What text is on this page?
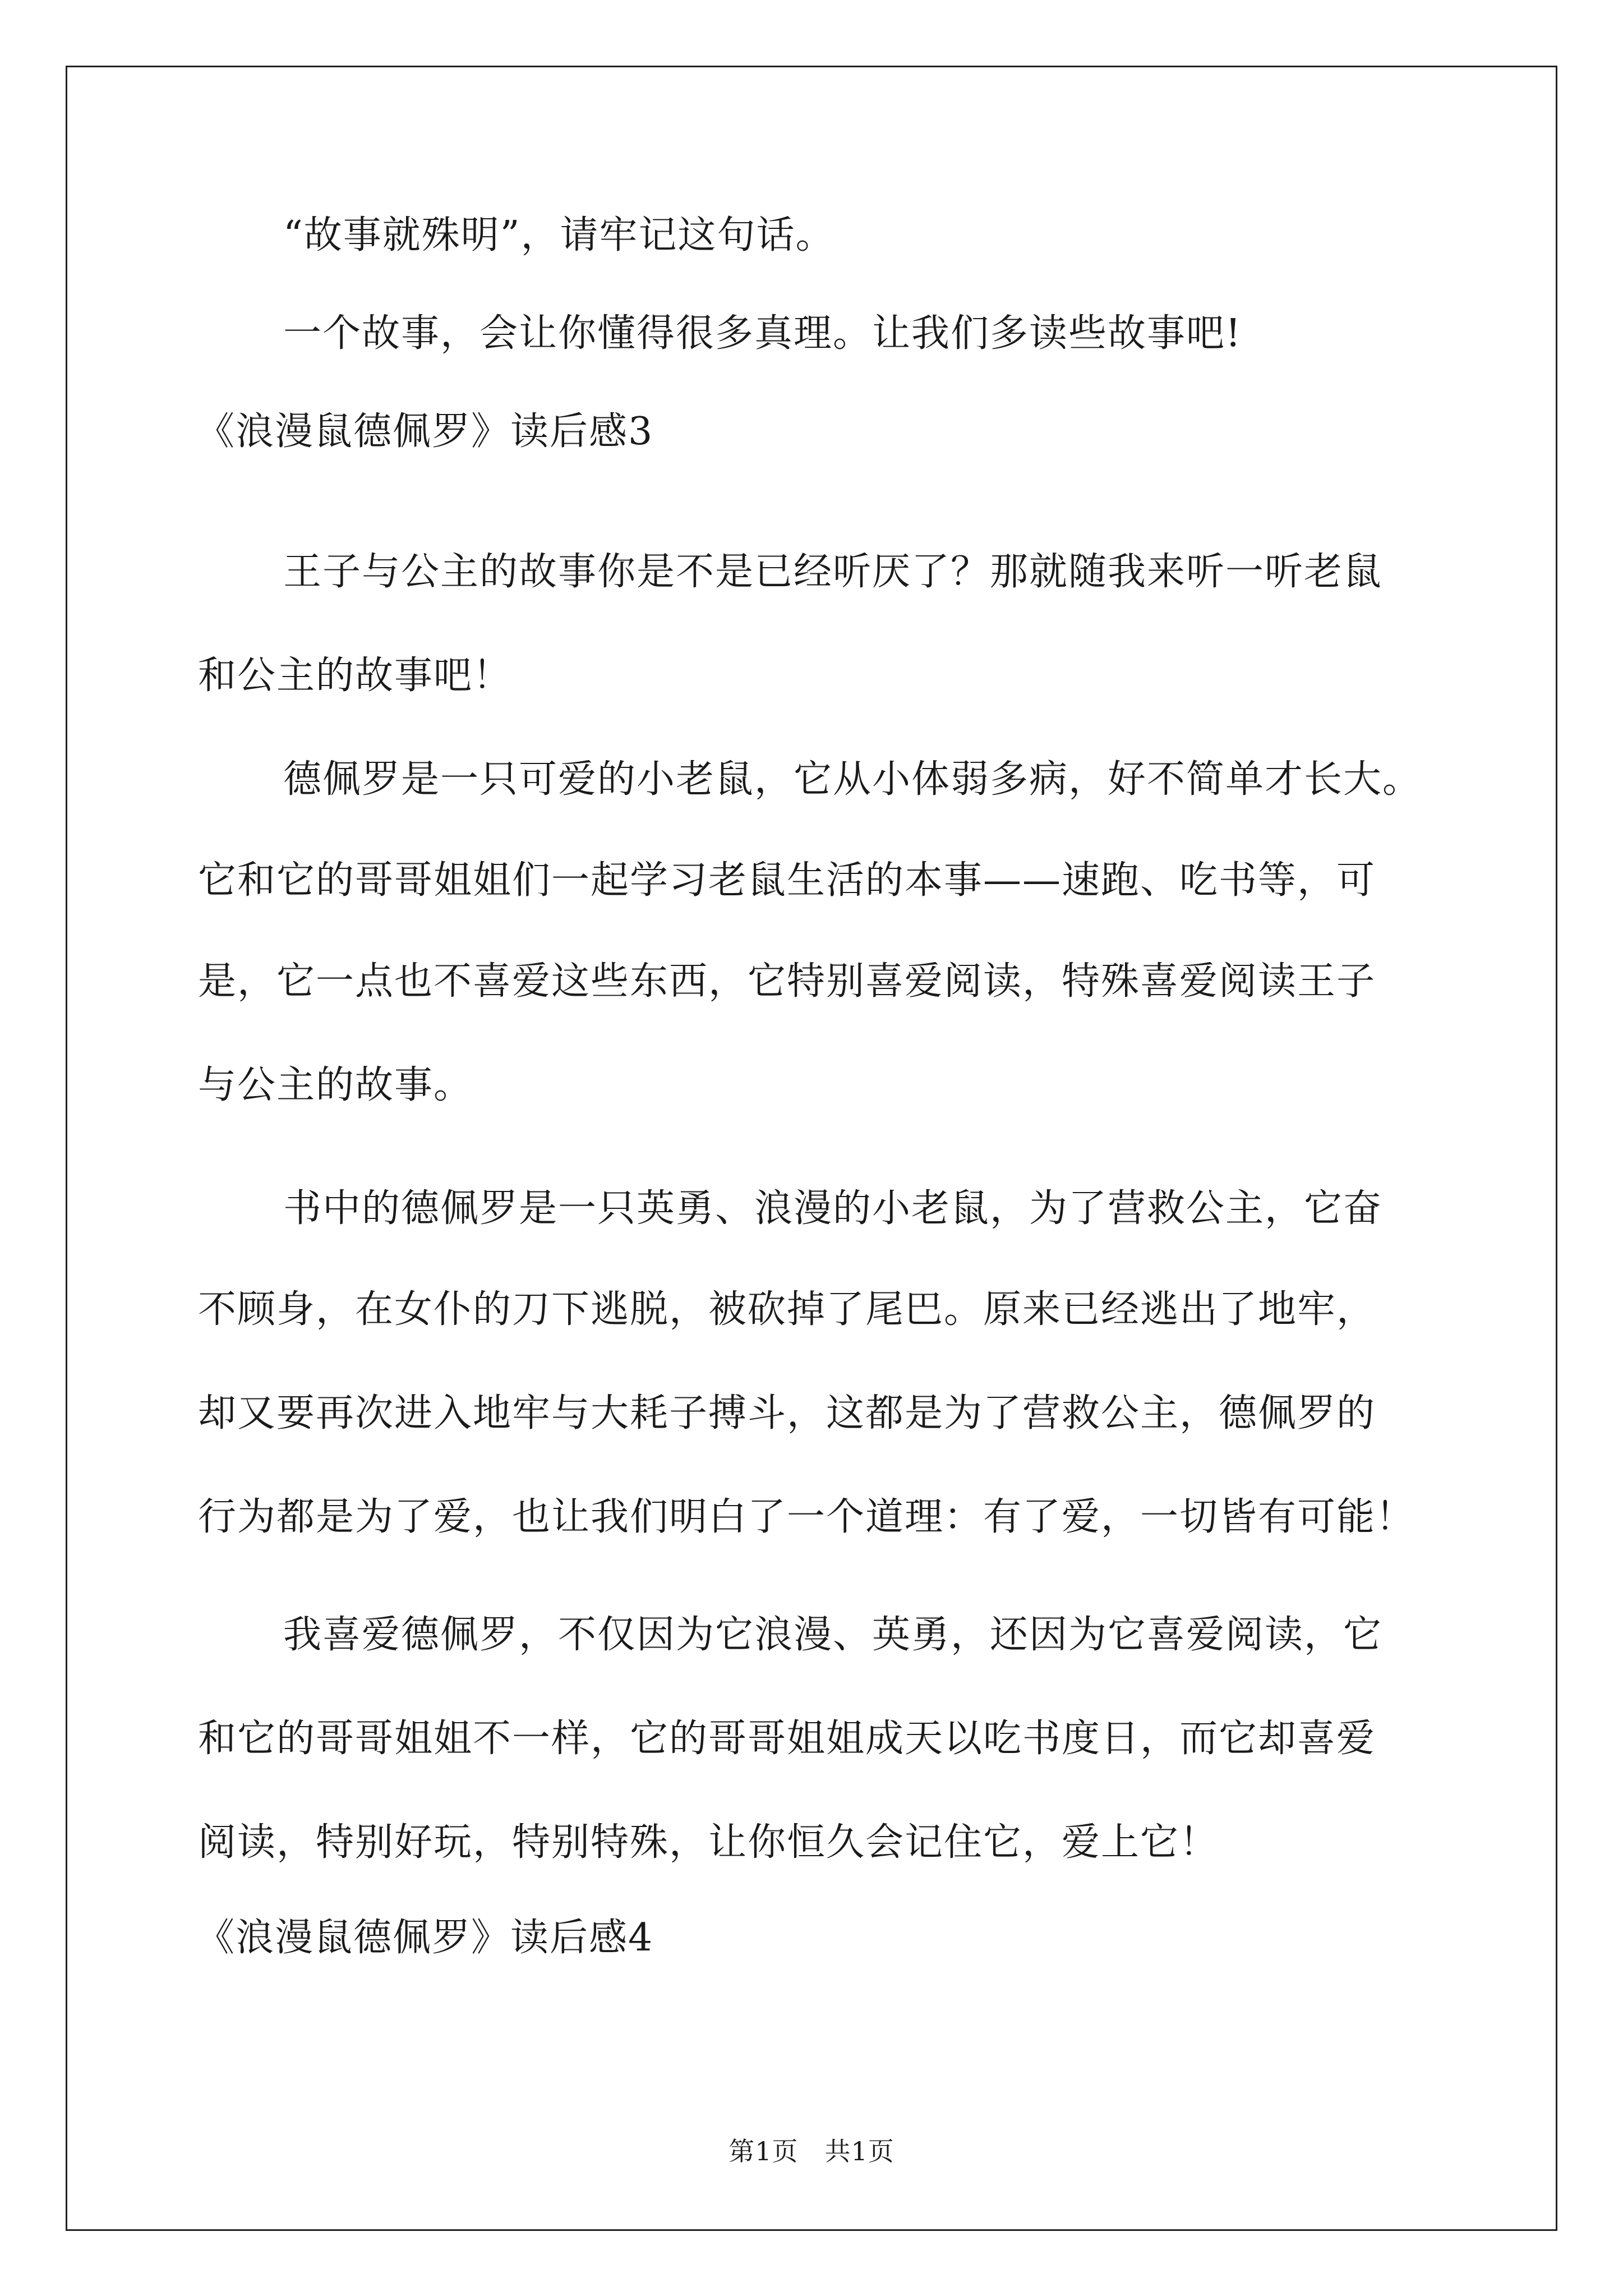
“故事就殊明”，请牢记这句话。
一个故事，会让你懂得很多真理。让我们多读些故事吧!
《浪漫鼠德佩罗》读后感3
王子与公主的故事你是不是已经听厌了？那就随我来听一听老鼠
和公主的故事吧！
德佩罗是一只可爱的小老鼠，它从小体弱多病，好不简单才长大。
它和它的哥哥姐姐们一起学习老鼠生活的本事——速跑、吃书等，可
是，它一点也不喜爱这些东西，它特别喜爱阅读，特殊喜爱阅读王子
与公主的故事。
书中的德佩罗是一只英勇、浪漫的小老鼠，为了营救公主，它奋
不顾身，在女仆的刀下逃脱，被砍掉了尾巴。原来已经逃出了地牢，
却又要再次进入地牢与大耗子搏斗，这都是为了营救公主，德佩罗的
行为都是为了爱，也让我们明白了一个道理：有了爱，一切皆有可能！
我喜爱德佩罗，不仅因为它浪漫、英勇，还因为它喜爱阅读，它
和它的哥哥姐姐不一样，它的哥哥姐姐成天以吃书度日，而它却喜爱
阅读，特别好玩，特别特殊，让你恒久会记住它，爱上它！
《浪漫鼠德佩罗》读后感4
第1页　共1页
